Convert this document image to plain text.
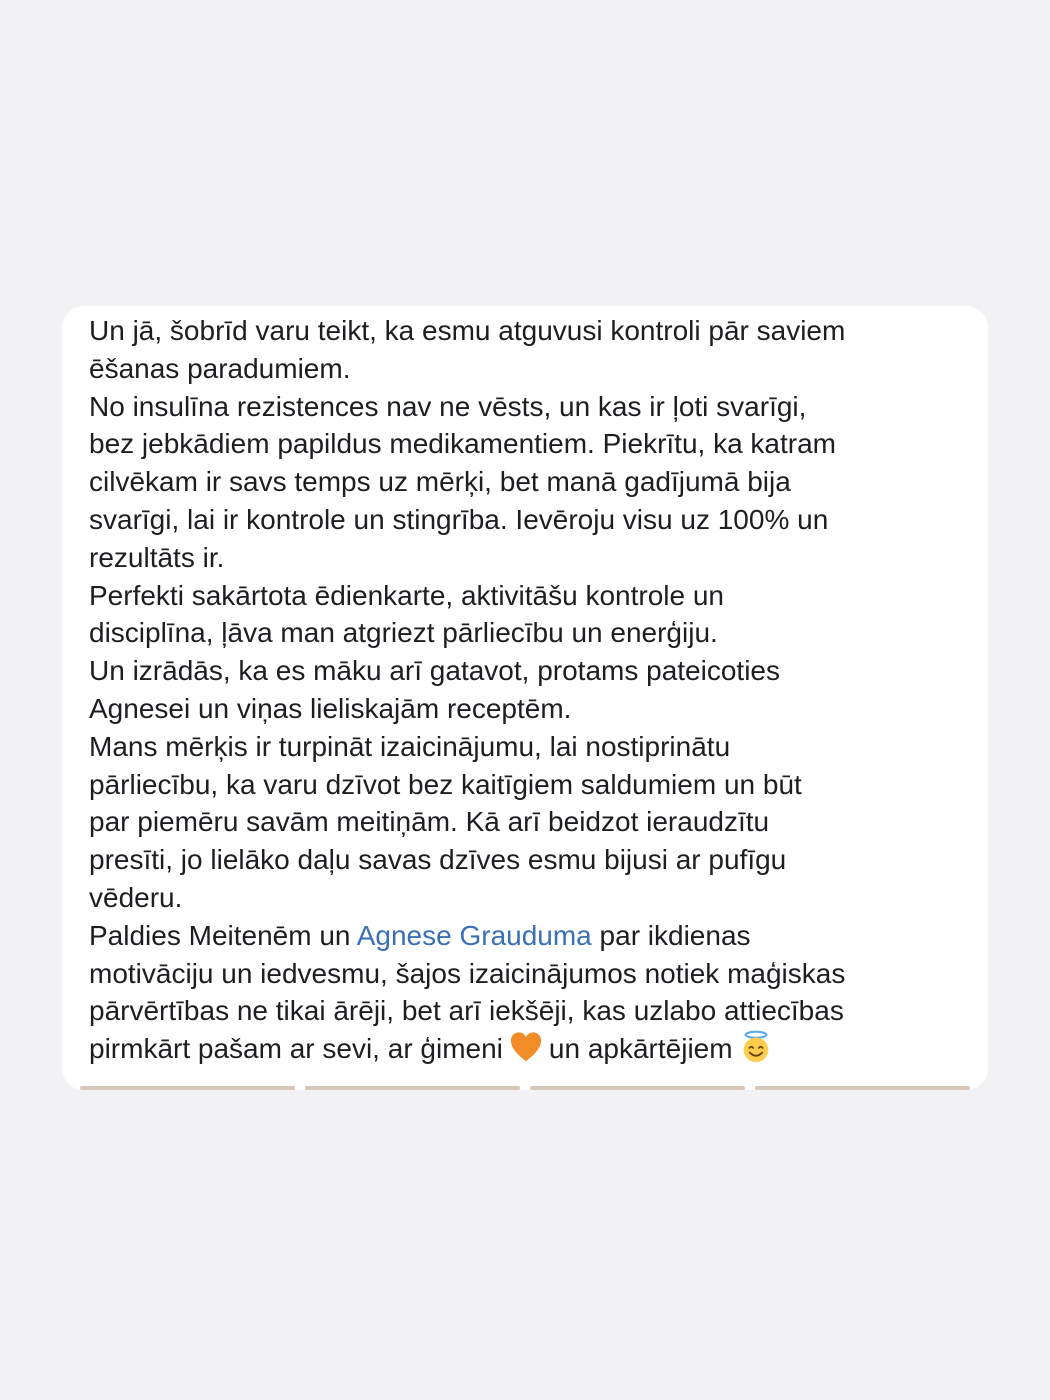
Un jā, šobrīd varu teikt, ka esmu atguvusi kontroli pār saviem
ēšanas paradumiem.
No insulīna rezistences nav ne vēsts, un kas ir ļoti svarīgi,
bez jebkādiem papildus medikamentiem. Piekrītu, ka katram
cilvēkam ir savs temps uz mērķi, bet manā gadījumā bija
svarīgi, lai ir kontrole un stingrība. Ievēroju visu uz 100% un
rezultāts ir.
Perfekti sakārtota ēdienkarte, aktivitāšu kontrole un
disciplīna, ļāva man atgriezt pārliecību un enerģiju.
Un izrādās, ka es māku arī gatavot, protams pateicoties
Agnesei un viņas lieliskajām receptēm.
Mans mērķis ir turpināt izaicinājumu, lai nostiprinātu
pārliecību, ka varu dzīvot bez kaitīgiem saldumiem un būt
par piemēru savām meitiņām. Kā arī beidzot ieraudzītu
presīti, jo lielāko daļu savas dzīves esmu bijusi ar pufīgu
vēderu.
Paldies Meitenēm un Agnese Grauduma par ikdienas
motivāciju un iedvesmu, šajos izaicinājumos notiek maģiskas
pārvērtības ne tikai ārēji, bet arī iekšēji, kas uzlabo attiecības
pirmkārt pašam ar sevi, ar ģimeni un apkārtējiem
